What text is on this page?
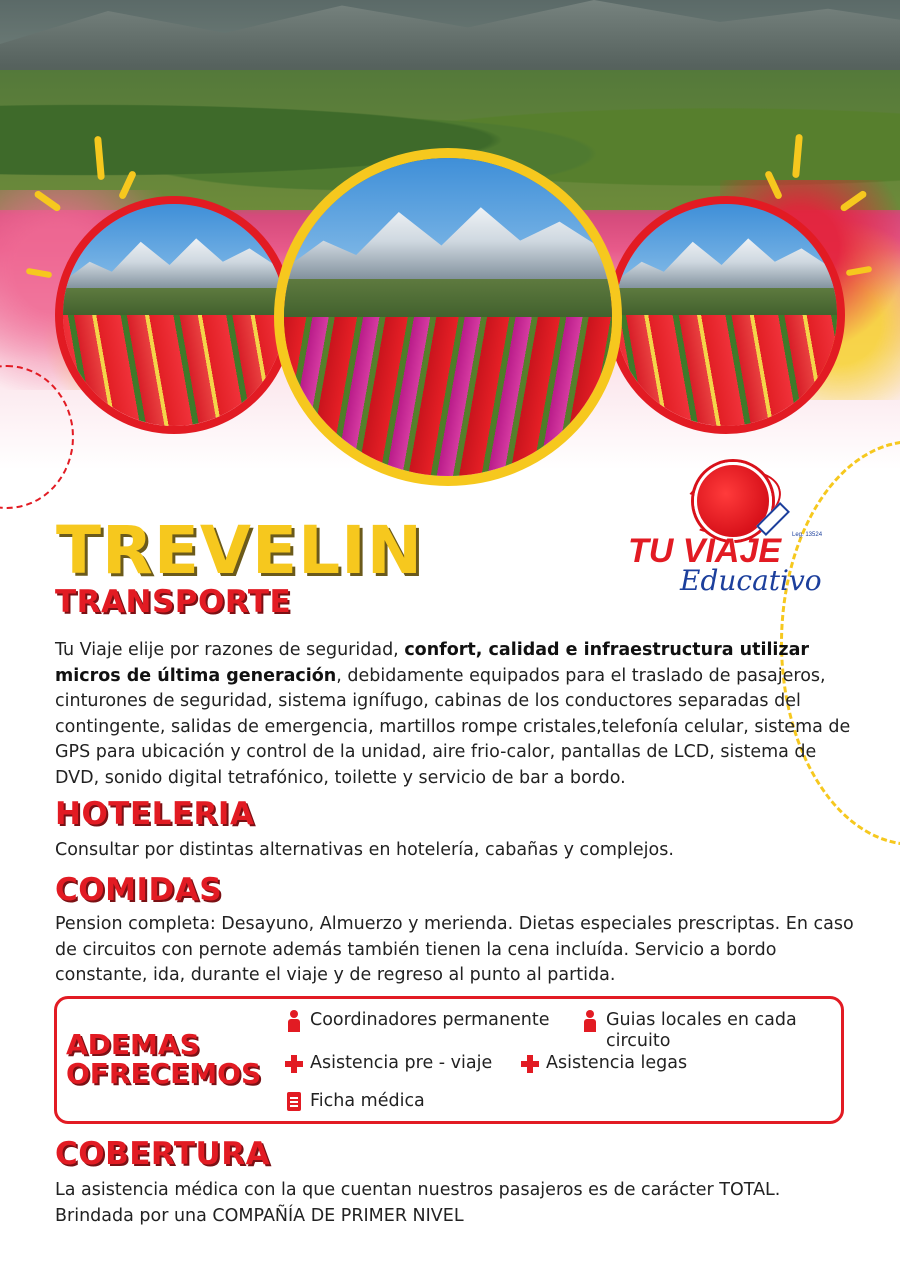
Leg. 13524
TU VIAJE
Educativo
TREVELIN
TRANSPORTE
Tu Viaje elije por razones de seguridad, confort, calidad e infraestructura utilizar micros de última generación, debidamente equipados para el traslado de pasajeros, cinturones de seguridad, sistema ignífugo, cabinas de los conductores separadas del contingente, salidas de emergencia, martillos rompe cristales,telefonía celular, sistema de GPS para ubicación y control de la unidad, aire frio-calor, pantallas de LCD, sistema de DVD, sonido digital tetrafónico, toilette y servicio de bar a bordo.
HOTELERIA
Consultar por distintas alternativas en hotelería, cabañas y complejos.
COMIDAS
Pension completa: Desayuno, Almuerzo y merienda. Dietas especiales prescriptas. En caso de circuitos con pernote además también tienen la cena incluída. Servicio a bordo constante, ida, durante el viaje y de regreso al punto al partida.
ADEMAS
OFRECEMOS
Coordinadores permanente	Guias locales en cada circuito
Asistencia pre - viaje	Asistencia legas
Ficha médica
COBERTURA
La asistencia médica con la que cuentan nuestros pasajeros es de carácter TOTAL. Brindada por una COMPAÑÍA DE PRIMER NIVEL
